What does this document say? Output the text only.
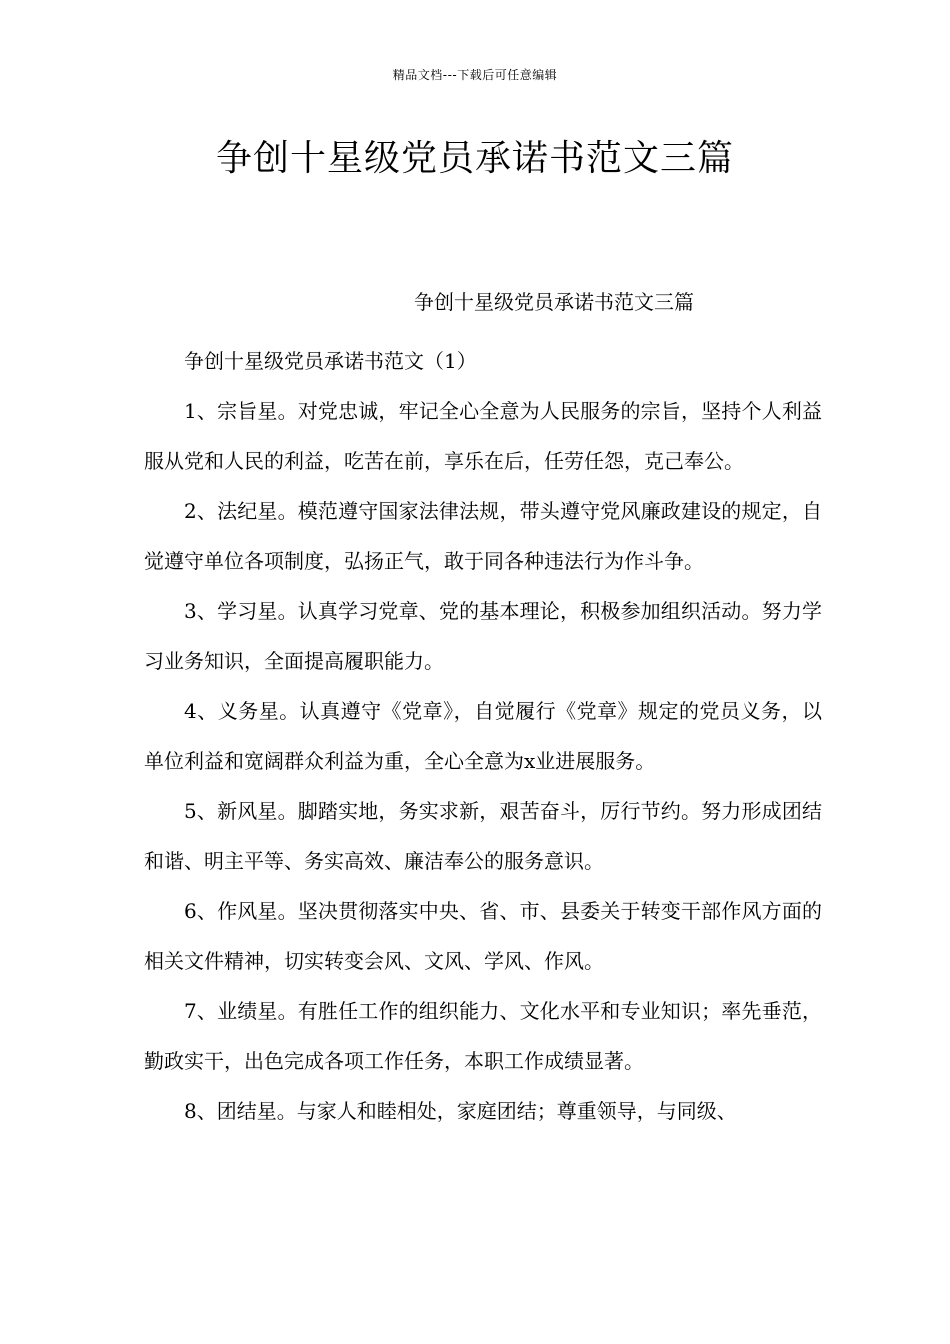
精品文档---下载后可任意编辑
争创十星级党员承诺书范文三篇
争创十星级党员承诺书范文三篇

争创十星级党员承诺书范文（1）

1、宗旨星。对党忠诚，牢记全心全意为人民服务的宗旨，坚持个人利益服从党和人民的利益，吃苦在前，享乐在后，任劳任怨，克己奉公。

2、法纪星。模范遵守国家法律法规，带头遵守党风廉政建设的规定，自觉遵守单位各项制度，弘扬正气，敢于同各种违法行为作斗争。

3、学习星。认真学习党章、党的基本理论，积极参加组织活动。努力学习业务知识，全面提高履职能力。

4、义务星。认真遵守《党章》，自觉履行《党章》规定的党员义务，以单位利益和宽阔群众利益为重，全心全意为x业进展服务。

5、新风星。脚踏实地，务实求新，艰苦奋斗，厉行节约。努力形成团结和谐、明主平等、务实高效、廉洁奉公的服务意识。

6、作风星。坚决贯彻落实中央、省、市、县委关于转变干部作风方面的相关文件精神，切实转变会风、文风、学风、作风。

7、业绩星。有胜任工作的组织能力、文化水平和专业知识；率先垂范，勤政实干，出色完成各项工作任务，本职工作成绩显著。

8、团结星。与家人和睦相处，家庭团结；尊重领导，与同级、
